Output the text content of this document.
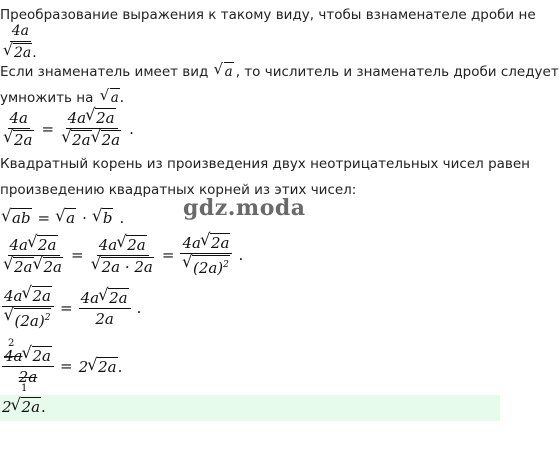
Преобразование выражения к такому виду, чтобы взнаменателе дроби не
4a
√ 2a.
Если знаменатель имеет вид √ a , то числитель и знаменатель дроби следует
умножить на √ a.
4a
√ 2a = 4a√ 2a
√ 2a√ 2a .
Квадратный корень из произведения двух неотрицательных чисел равен
произведению квадратных корней из этих чисел:
√ ab =
√	a ·
√	b .	gdz.moda
4a√ 2a
√ 2a√ 2a = 4a√ 2a
√ 2a · 2a = 4a√ 2a
√ $(2a)^2$ .
4a√ 2a
√ $(2a)^2 = \frac{4a√ 2a}{2a}$ .
2
$\frac{4a√ 2a}{2a} = 2√$ 2a.
1
2√ 2a.
